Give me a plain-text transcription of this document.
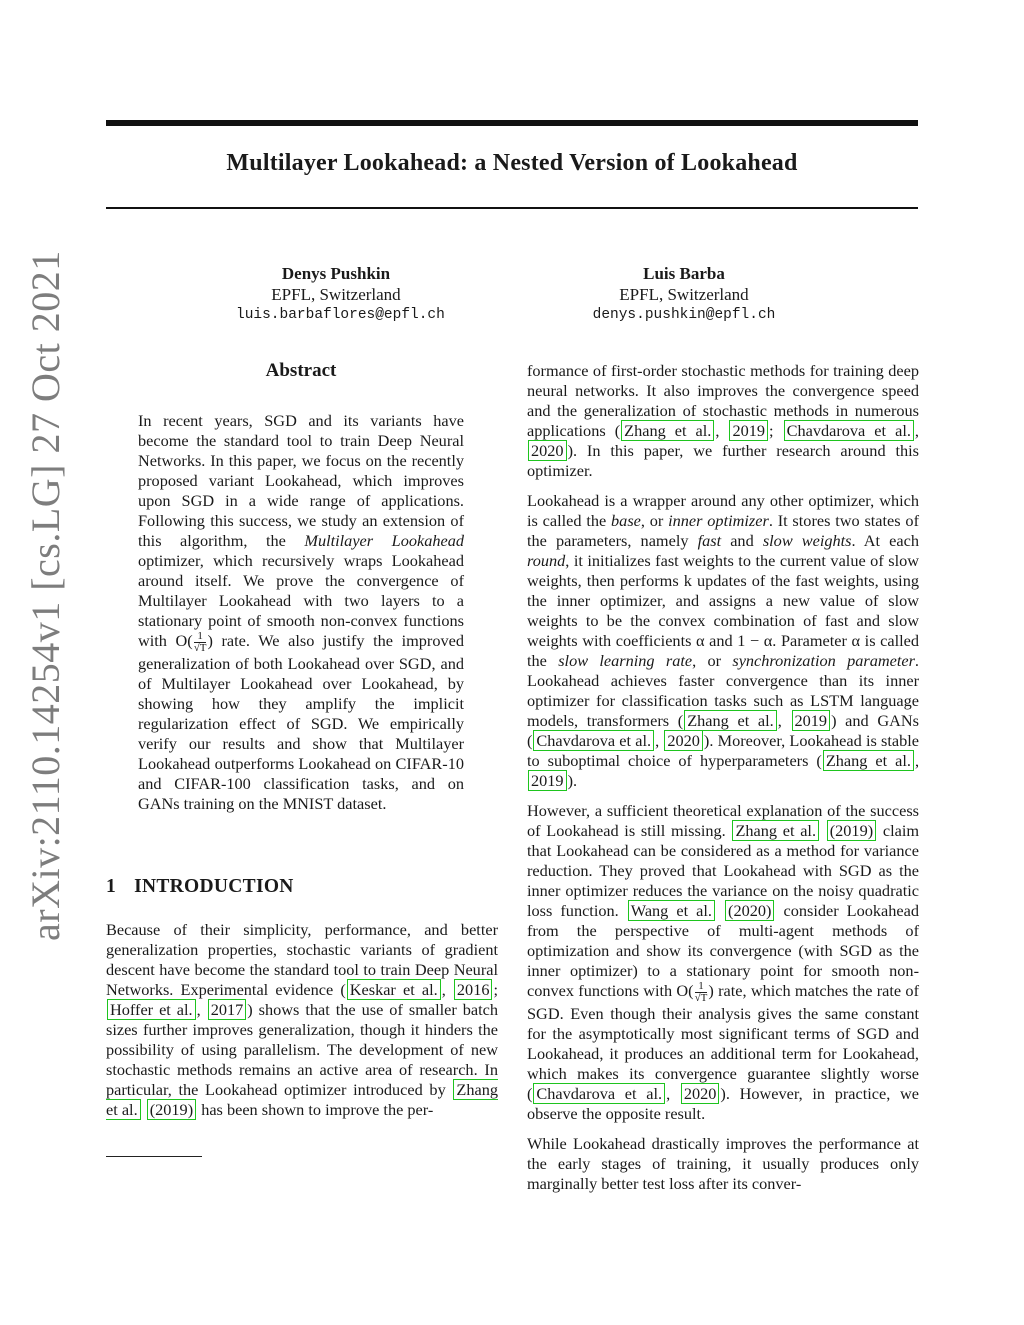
Multilayer Lookahead: a Nested Version of Lookahead
Denys Pushkin
EPFL, Switzerland
luis.barbaflores@epfl.ch
Luis Barba
EPFL, Switzerland
denys.pushkin@epfl.ch
arXiv:2110.14254v1 [cs.LG] 27 Oct 2021	Abstract
In recent years, SGD and its variants have become the standard tool to train Deep Neural Networks. In this paper, we focus on the recently proposed variant Lookahead, which improves upon SGD in a wide range of applications. Following this success, we study an extension of this algorithm, the Multilayer Lookahead optimizer, which recursively wraps Lookahead around itself. We prove the convergence of Multilayer Lookahead with two layers to a stationary point of smooth non-convex functions with $O( \frac{1}{√T}$ ) rate. We also justify the improved generalization of both Lookahead over SGD, and of Multilayer Lookahead over Lookahead, by showing how they amplify the implicit regularization effect of SGD. We empirically verify our results and show that Multilayer Lookahead outperforms Lookahead on CIFAR-10 and CIFAR-100 classification tasks, and on GANs training on the MNIST dataset.
1 INTRODUCTION
Because of their simplicity, performance, and better generalization properties, stochastic variants of gradient descent have become the standard tool to train Deep Neural Networks. Experimental evidence ( Keskar et al. , 2016 ; Hoffer et al. , 2017 ) shows that the use of smaller batch sizes further improves generalization, though it hinders the possibility of using parallelism. The development of new stochastic methods remains an active area of research. In particular, the Lookahead optimizer introduced by Zhang et al. (2019) has been shown to improve the per-

formance of first-order stochastic methods for training deep neural networks. It also improves the convergence speed and the generalization of stochastic methods in numerous applications ( Zhang et al. , 2019 ; Chavdarova et al. , 2020 ). In this paper, we further research around this optimizer.

Lookahead is a wrapper around any other optimizer, which is called the base, or inner optimizer. It stores two states of the parameters, namely fast and slow weights. At each round, it initializes fast weights to the current value of slow weights, then performs k updates of the fast weights, using the inner optimizer, and assigns a new value of slow weights to be the convex combination of fast and slow weights with coefficients α and 1 − α. Parameter α is called the slow learning rate, or synchronization parameter. Lookahead achieves faster convergence than its inner optimizer for classification tasks such as LSTM language models, transformers ( Zhang et al. , 2019 ) and GANs ( Chavdarova et al. , 2020 ). Moreover, Lookahead is stable to suboptimal choice of hyperparameters ( Zhang et al. , 2019 ).

However, a sufficient theoretical explanation of the success of Lookahead is still missing. Zhang et al. (2019) claim that Lookahead can be considered as a method for variance reduction. They proved that Lookahead with SGD as the inner optimizer reduces the variance on the noisy quadratic loss function. Wang et al. (2020) consider Lookahead from the perspective of multi-agent methods of optimization and show its convergence (with SGD as the inner optimizer) to a stationary point for smooth non-convex functions with $O( \frac{1}{√T}$ ) rate, which matches the rate of SGD. Even though their analysis gives the same constant for the asymptotically most significant terms of SGD and Lookahead, it produces an additional term for Lookahead, which makes its convergence guarantee slightly worse ( Chavdarova et al. , 2020 ). However, in practice, we observe the opposite result.

While Lookahead drastically improves the performance at the early stages of training, it usually produces only marginally better test loss after its conver-
